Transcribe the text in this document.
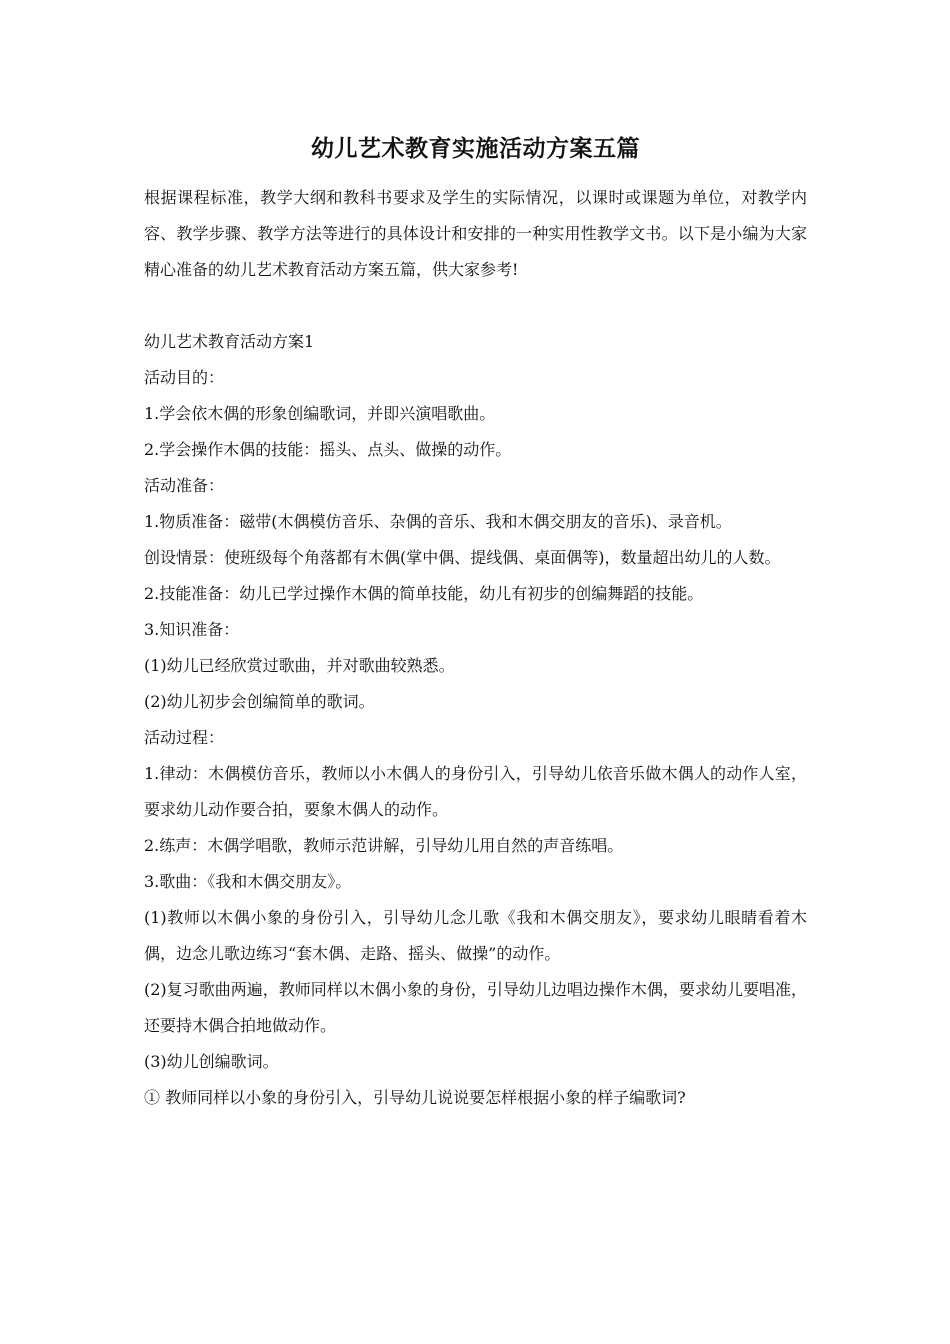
幼儿艺术教育实施活动方案五篇

根据课程标准，教学大纲和教科书要求及学生的实际情况，以课时或课题为单位，对教学内容、教学步骤、教学方法等进行的具体设计和安排的一种实用性教学文书。以下是小编为大家精心准备的幼儿艺术教育活动方案五篇，供大家参考!

幼儿艺术教育活动方案1

活动目的：

1.学会依木偶的形象创编歌词，并即兴演唱歌曲。

2.学会操作木偶的技能：摇头、点头、做操的动作。

活动准备：

1.物质准备：磁带(木偶模仿音乐、杂偶的音乐、我和木偶交朋友的音乐)、录音机。

创设情景：使班级每个角落都有木偶(掌中偶、提线偶、桌面偶等)，数量超出幼儿的人数。

2.技能准备：幼儿已学过操作木偶的简单技能，幼儿有初步的创编舞蹈的技能。

3.知识准备：

(1)幼儿已经欣赏过歌曲，并对歌曲较熟悉。

(2)幼儿初步会创编简单的歌词。

活动过程：

1.律动：木偶模仿音乐，教师以小木偶人的身份引入，引导幼儿依音乐做木偶人的动作人室，要求幼儿动作要合拍，要象木偶人的动作。

2.练声：木偶学唱歌，教师示范讲解，引导幼儿用自然的声音练唱。

3.歌曲：《我和木偶交朋友》。

(1)教师以木偶小象的身份引入，引导幼儿念儿歌《我和木偶交朋友》，要求幼儿眼睛看着木偶，边念儿歌边练习“套木偶、走路、摇头、做操”的动作。

(2)复习歌曲两遍，教师同样以木偶小象的身份，引导幼儿边唱边操作木偶，要求幼儿要唱准，还要持木偶合拍地做动作。

(3)幼儿创编歌词。

① 教师同样以小象的身份引入，引导幼儿说说要怎样根据小象的样子编歌词?
